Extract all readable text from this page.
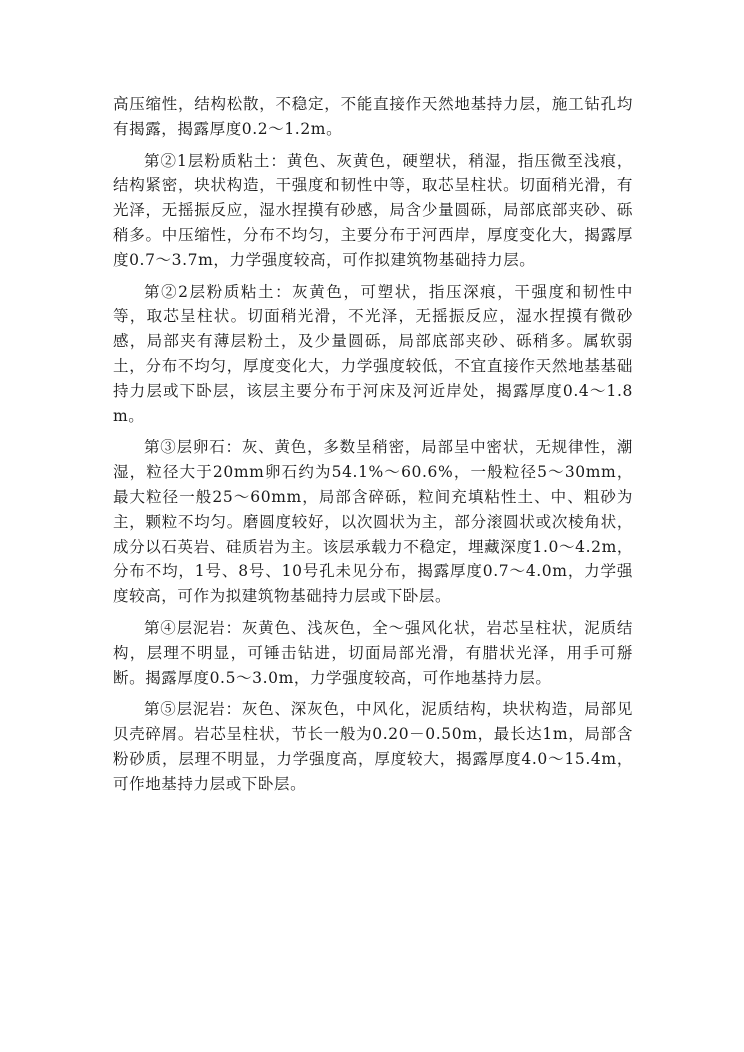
高压缩性，结构松散，不稳定，不能直接作天然地基持力层，施工钻孔均有揭露，揭露厚度0.2～1.2m。

第②1层粉质粘土：黄色、灰黄色，硬塑状，稍湿，指压微至浅痕，结构紧密，块状构造，干强度和韧性中等，取芯呈柱状。切面稍光滑，有光泽，无摇振反应，湿水捏摸有砂感，局含少量圆砾，局部底部夹砂、砾稍多。中压缩性，分布不均匀，主要分布于河西岸，厚度变化大，揭露厚度0.7～3.7m，力学强度较高，可作拟建筑物基础持力层。

第②2层粉质粘土：灰黄色，可塑状，指压深痕，干强度和韧性中等，取芯呈柱状。切面稍光滑，不光泽，无摇振反应，湿水捏摸有微砂感，局部夹有薄层粉土，及少量圆砾，局部底部夹砂、砾稍多。属软弱土，分布不均匀，厚度变化大，力学强度较低，不宜直接作天然地基基础持力层或下卧层，该层主要分布于河床及河近岸处，揭露厚度0.4～1.8m。

第③层卵石：灰、黄色，多数呈稍密，局部呈中密状，无规律性，潮湿，粒径大于20mm卵石约为54.1%～60.6%，一般粒径5～30mm，最大粒径一般25～60mm，局部含碎砾，粒间充填粘性土、中、粗砂为主，颗粒不均匀。磨圆度较好，以次圆状为主，部分滚圆状或次棱角状，成分以石英岩、硅质岩为主。该层承载力不稳定，埋藏深度1.0～4.2m，分布不均，1号、8号、10号孔未见分布，揭露厚度0.7～4.0m，力学强度较高，可作为拟建筑物基础持力层或下卧层。

第④层泥岩：灰黄色、浅灰色，全～强风化状，岩芯呈柱状，泥质结构，层理不明显，可锤击钻进，切面局部光滑，有腊状光泽，用手可掰断。揭露厚度0.5～3.0m，力学强度较高，可作地基持力层。

第⑤层泥岩：灰色、深灰色，中风化，泥质结构，块状构造，局部见贝壳碎屑。岩芯呈柱状，节长一般为0.20－0.50m，最长达1m，局部含粉砂质，层理不明显，力学强度高，厚度较大，揭露厚度4.0～15.4m，可作地基持力层或下卧层。
